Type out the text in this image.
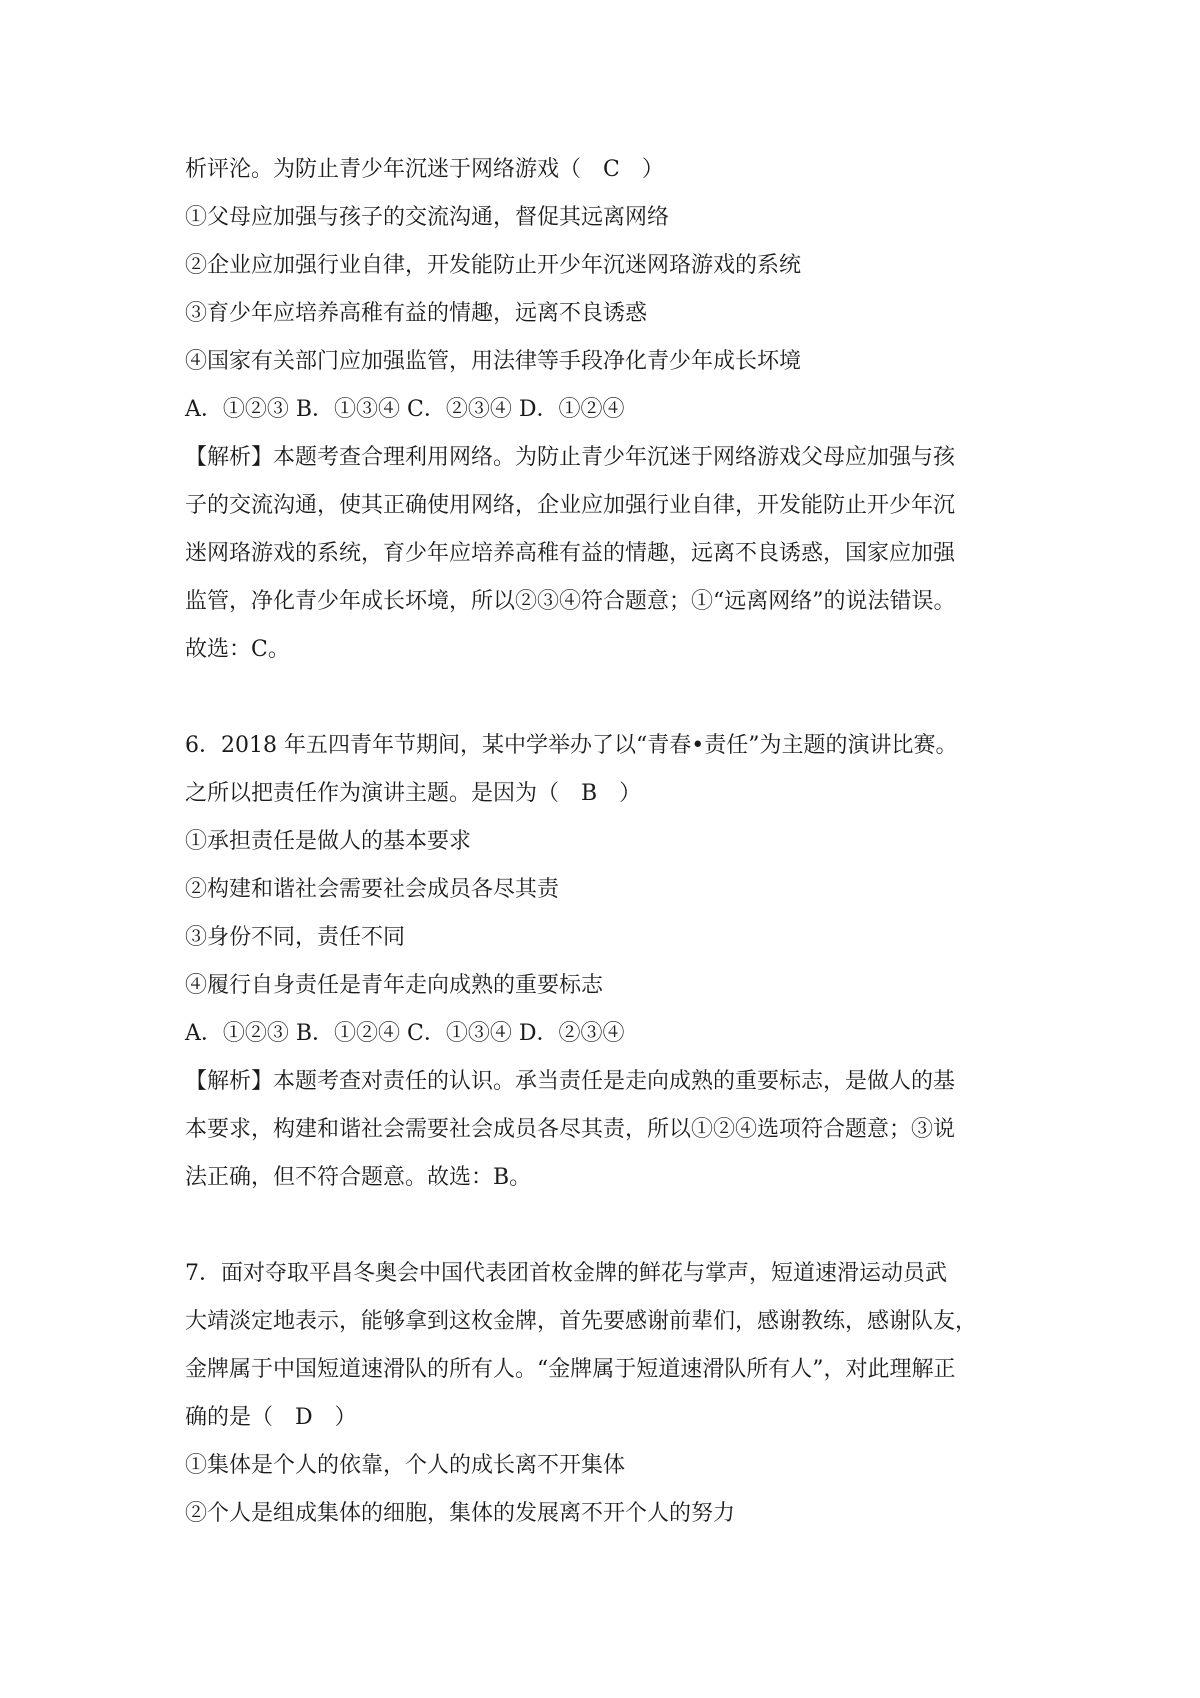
析评沦。为防止青少年沉迷于网络游戏（　C　）
①父母应加强与孩子的交流沟通，督促其远离网络
②企业应加强行业自律，开发能防止开少年沉迷网珞游戏的系统
③育少年应培养高稚有益的情趣，远离不良诱惑
④国家有关部门应加强监管，用法律等手段净化青少年成长坏境
A．①②③ B．①③④ C．②③④ D．①②④
【解析】本题考查合理利用网络。为防止青少年沉迷于网络游戏父母应加强与孩
子的交流沟通，使其正确使用网络，企业应加强行业自律，开发能防止开少年沉
迷网珞游戏的系统，育少年应培养高稚有益的情趣，远离不良诱惑，国家应加强
监管，净化青少年成长坏境，所以②③④符合题意；①“远离网络”的说法错误。
故选：C。
6．2018 年五四青年节期间，某中学举办了以“青春•责任”为主题的演讲比赛。
之所以把责任作为演讲主题。是因为（　B　）
①承担责任是做人的基本要求
②构建和谐社会需要社会成员各尽其责
③身份不同，责任不同
④履行自身责任是青年走向成熟的重要标志
A．①②③ B．①②④ C．①③④ D．②③④
【解析】本题考查对责任的认识。承当责任是走向成熟的重要标志，是做人的基
本要求，构建和谐社会需要社会成员各尽其责，所以①②④选项符合题意；③说
法正确，但不符合题意。故选：B。
7．面对夺取平昌冬奥会中国代表团首枚金牌的鲜花与掌声，短道速滑运动员武
大靖淡定地表示，能够拿到这枚金牌，首先要感谢前辈们，感谢教练，感谢队友，
金牌属于中国短道速滑队的所有人。“金牌属于短道速滑队所有人”，对此理解正
确的是（　D　）
①集体是个人的依靠，个人的成长离不开集体
②个人是组成集体的细胞，集体的发展离不开个人的努力
